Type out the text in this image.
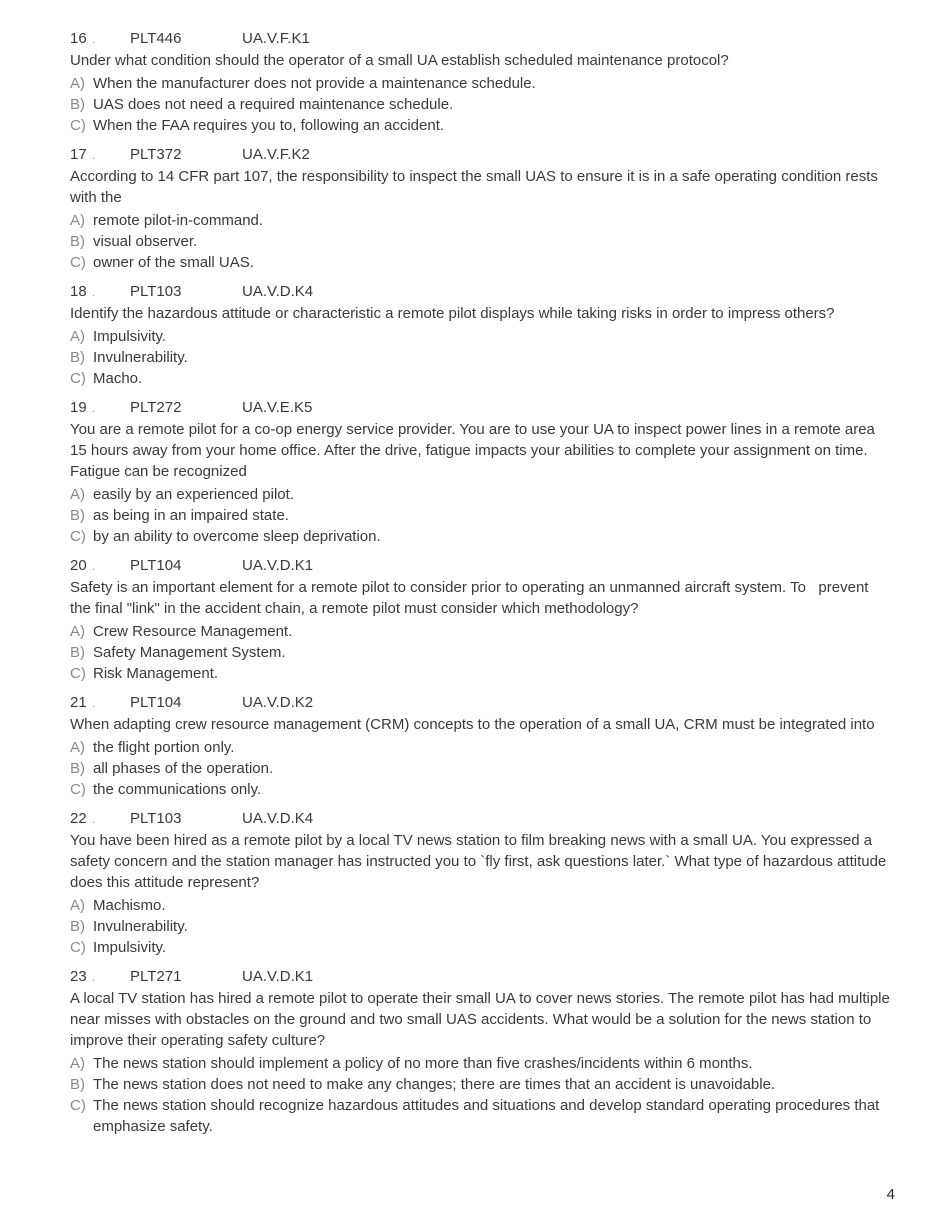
16 .	PLT446	UA.V.F.K1
Under what condition should the operator of a small UA establish scheduled maintenance protocol?
A) When the manufacturer does not provide a maintenance schedule.
B) UAS does not need a required maintenance schedule.
C) When the FAA requires you to, following an accident.
17 .	PLT372	UA.V.F.K2
According to 14 CFR part 107, the responsibility to inspect the small UAS to ensure it is in a safe operating condition rests with the
A) remote pilot-in-command.
B) visual observer.
C) owner of the small UAS.
18 .	PLT103	UA.V.D.K4
Identify the hazardous attitude or characteristic a remote pilot displays while taking risks in order to impress others?
A) Impulsivity.
B) Invulnerability.
C) Macho.
19 .	PLT272	UA.V.E.K5
You are a remote pilot for a co-op energy service provider. You are to use your UA to inspect power lines in a remote area 15 hours away from your home office. After the drive, fatigue impacts your abilities to complete your assignment on time. Fatigue can be recognized
A) easily by an experienced pilot.
B) as being in an impaired state.
C) by an ability to overcome sleep deprivation.
20 .	PLT104	UA.V.D.K1
Safety is an important element for a remote pilot to consider prior to operating an unmanned aircraft system. To   prevent the final "link" in the accident chain, a remote pilot must consider which methodology?
A) Crew Resource Management.
B) Safety Management System.
C) Risk Management.
21 .	PLT104	UA.V.D.K2
When adapting crew resource management (CRM) concepts to the operation of a small UA, CRM must be integrated into
A) the flight portion only.
B) all phases of the operation.
C) the communications only.
22 .	PLT103	UA.V.D.K4
You have been hired as a remote pilot by a local TV news station to film breaking news with a small UA. You expressed a safety concern and the station manager has instructed you to `fly first, ask questions later.` What type of hazardous attitude does this attitude represent?
A) Machismo.
B) Invulnerability.
C) Impulsivity.
23 .	PLT271	UA.V.D.K1
A local TV station has hired a remote pilot to operate their small UA to cover news stories. The remote pilot has had multiple near misses with obstacles on the ground and two small UAS accidents. What would be a solution for the news station to improve their operating safety culture?
A) The news station should implement a policy of no more than five crashes/incidents within 6 months.
B) The news station does not need to make any changes; there are times that an accident is unavoidable.
C) The news station should recognize hazardous attitudes and situations and develop standard operating procedures that emphasize safety.
4
